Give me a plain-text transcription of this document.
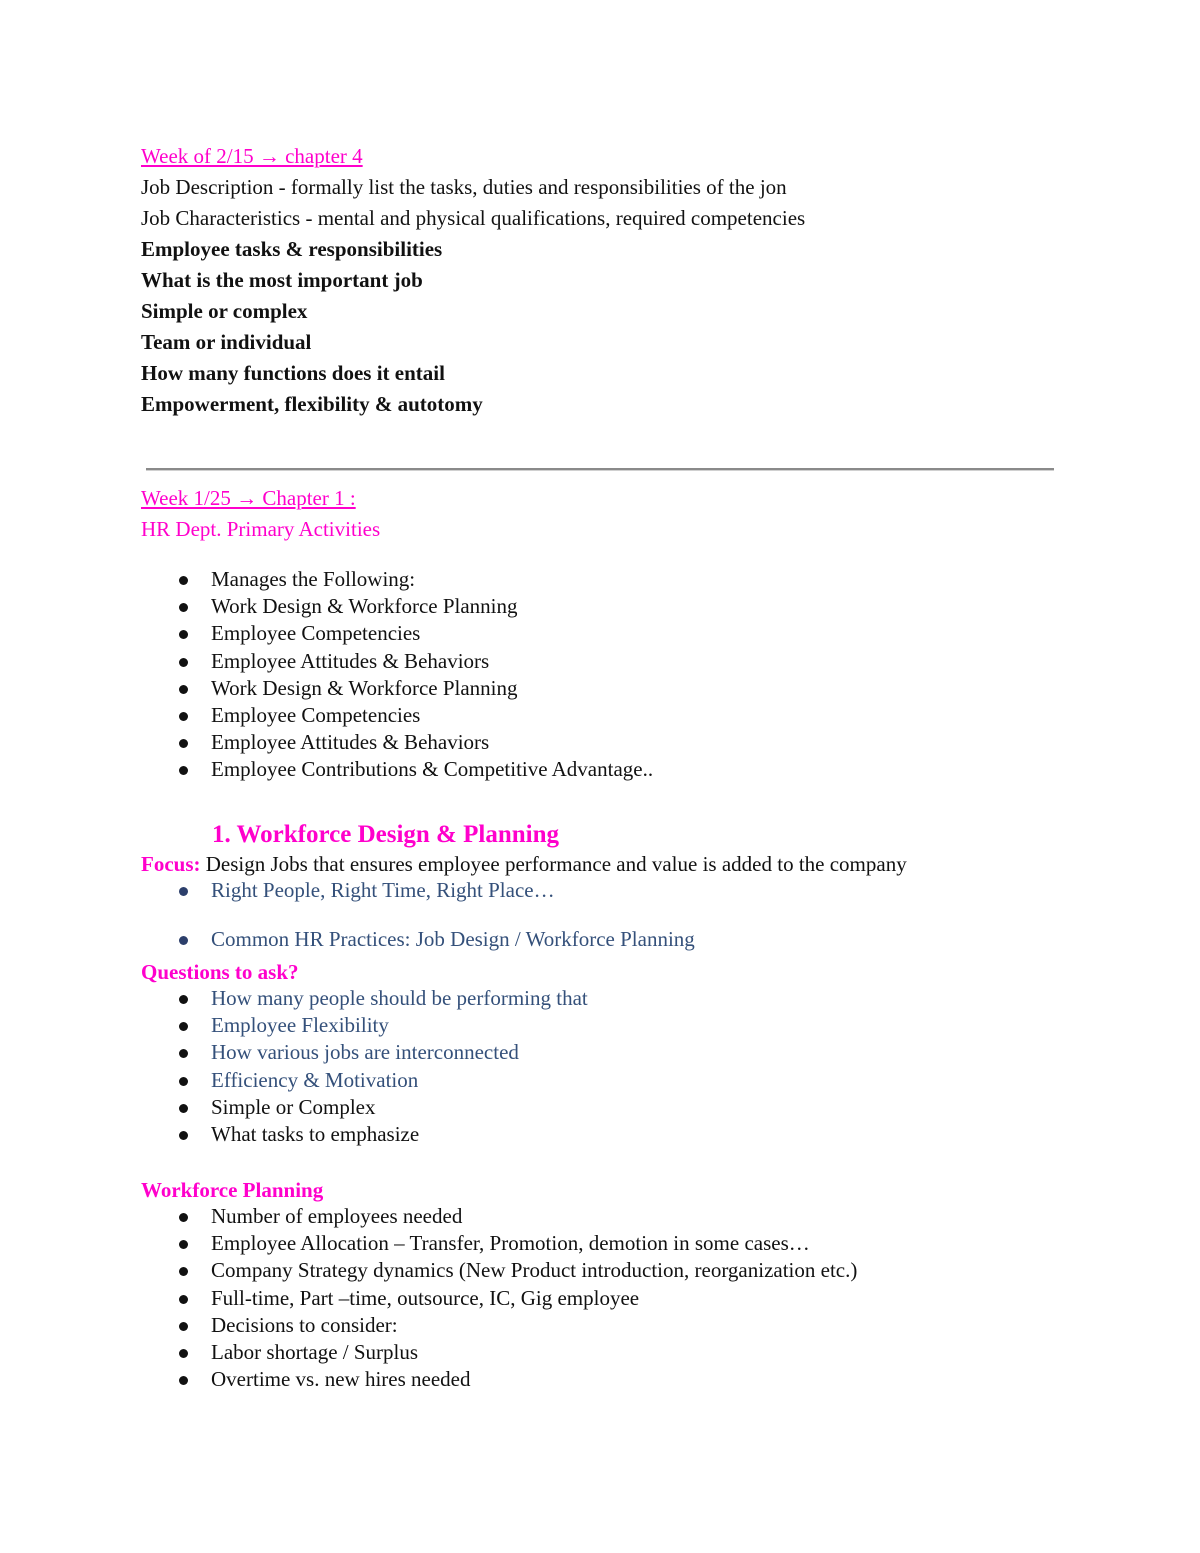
Week of 2/15 → chapter 4
Job Description - formally list the tasks, duties and responsibilities of the jon
Job Characteristics - mental and physical qualifications, required competencies
Employee tasks & responsibilities
What is the most important job
Simple or complex
Team or individual
How many functions does it entail
Empowerment, flexibility & autotomy
Week 1/25 → Chapter 1 :
HR Dept. Primary Activities
Manages the Following:
Work Design & Workforce Planning
Employee Competencies
Employee Attitudes & Behaviors
Work Design & Workforce Planning
Employee Competencies
Employee Attitudes & Behaviors
Employee Contributions & Competitive Advantage..
1. Workforce Design & Planning
Focus: Design Jobs that ensures employee performance and value is added to the company
Right People, Right Time, Right Place…
Common HR Practices: Job Design / Workforce Planning
Questions to ask?
How many people should be performing that
Employee Flexibility
How various jobs are interconnected
Efficiency & Motivation
Simple or Complex
What tasks to emphasize
Workforce Planning
Number of employees needed
Employee Allocation – Transfer, Promotion, demotion in some cases…
Company Strategy dynamics (New Product introduction, reorganization etc.)
Full-time, Part –time, outsource, IC, Gig employee
Decisions to consider:
Labor shortage / Surplus
Overtime vs. new hires needed
